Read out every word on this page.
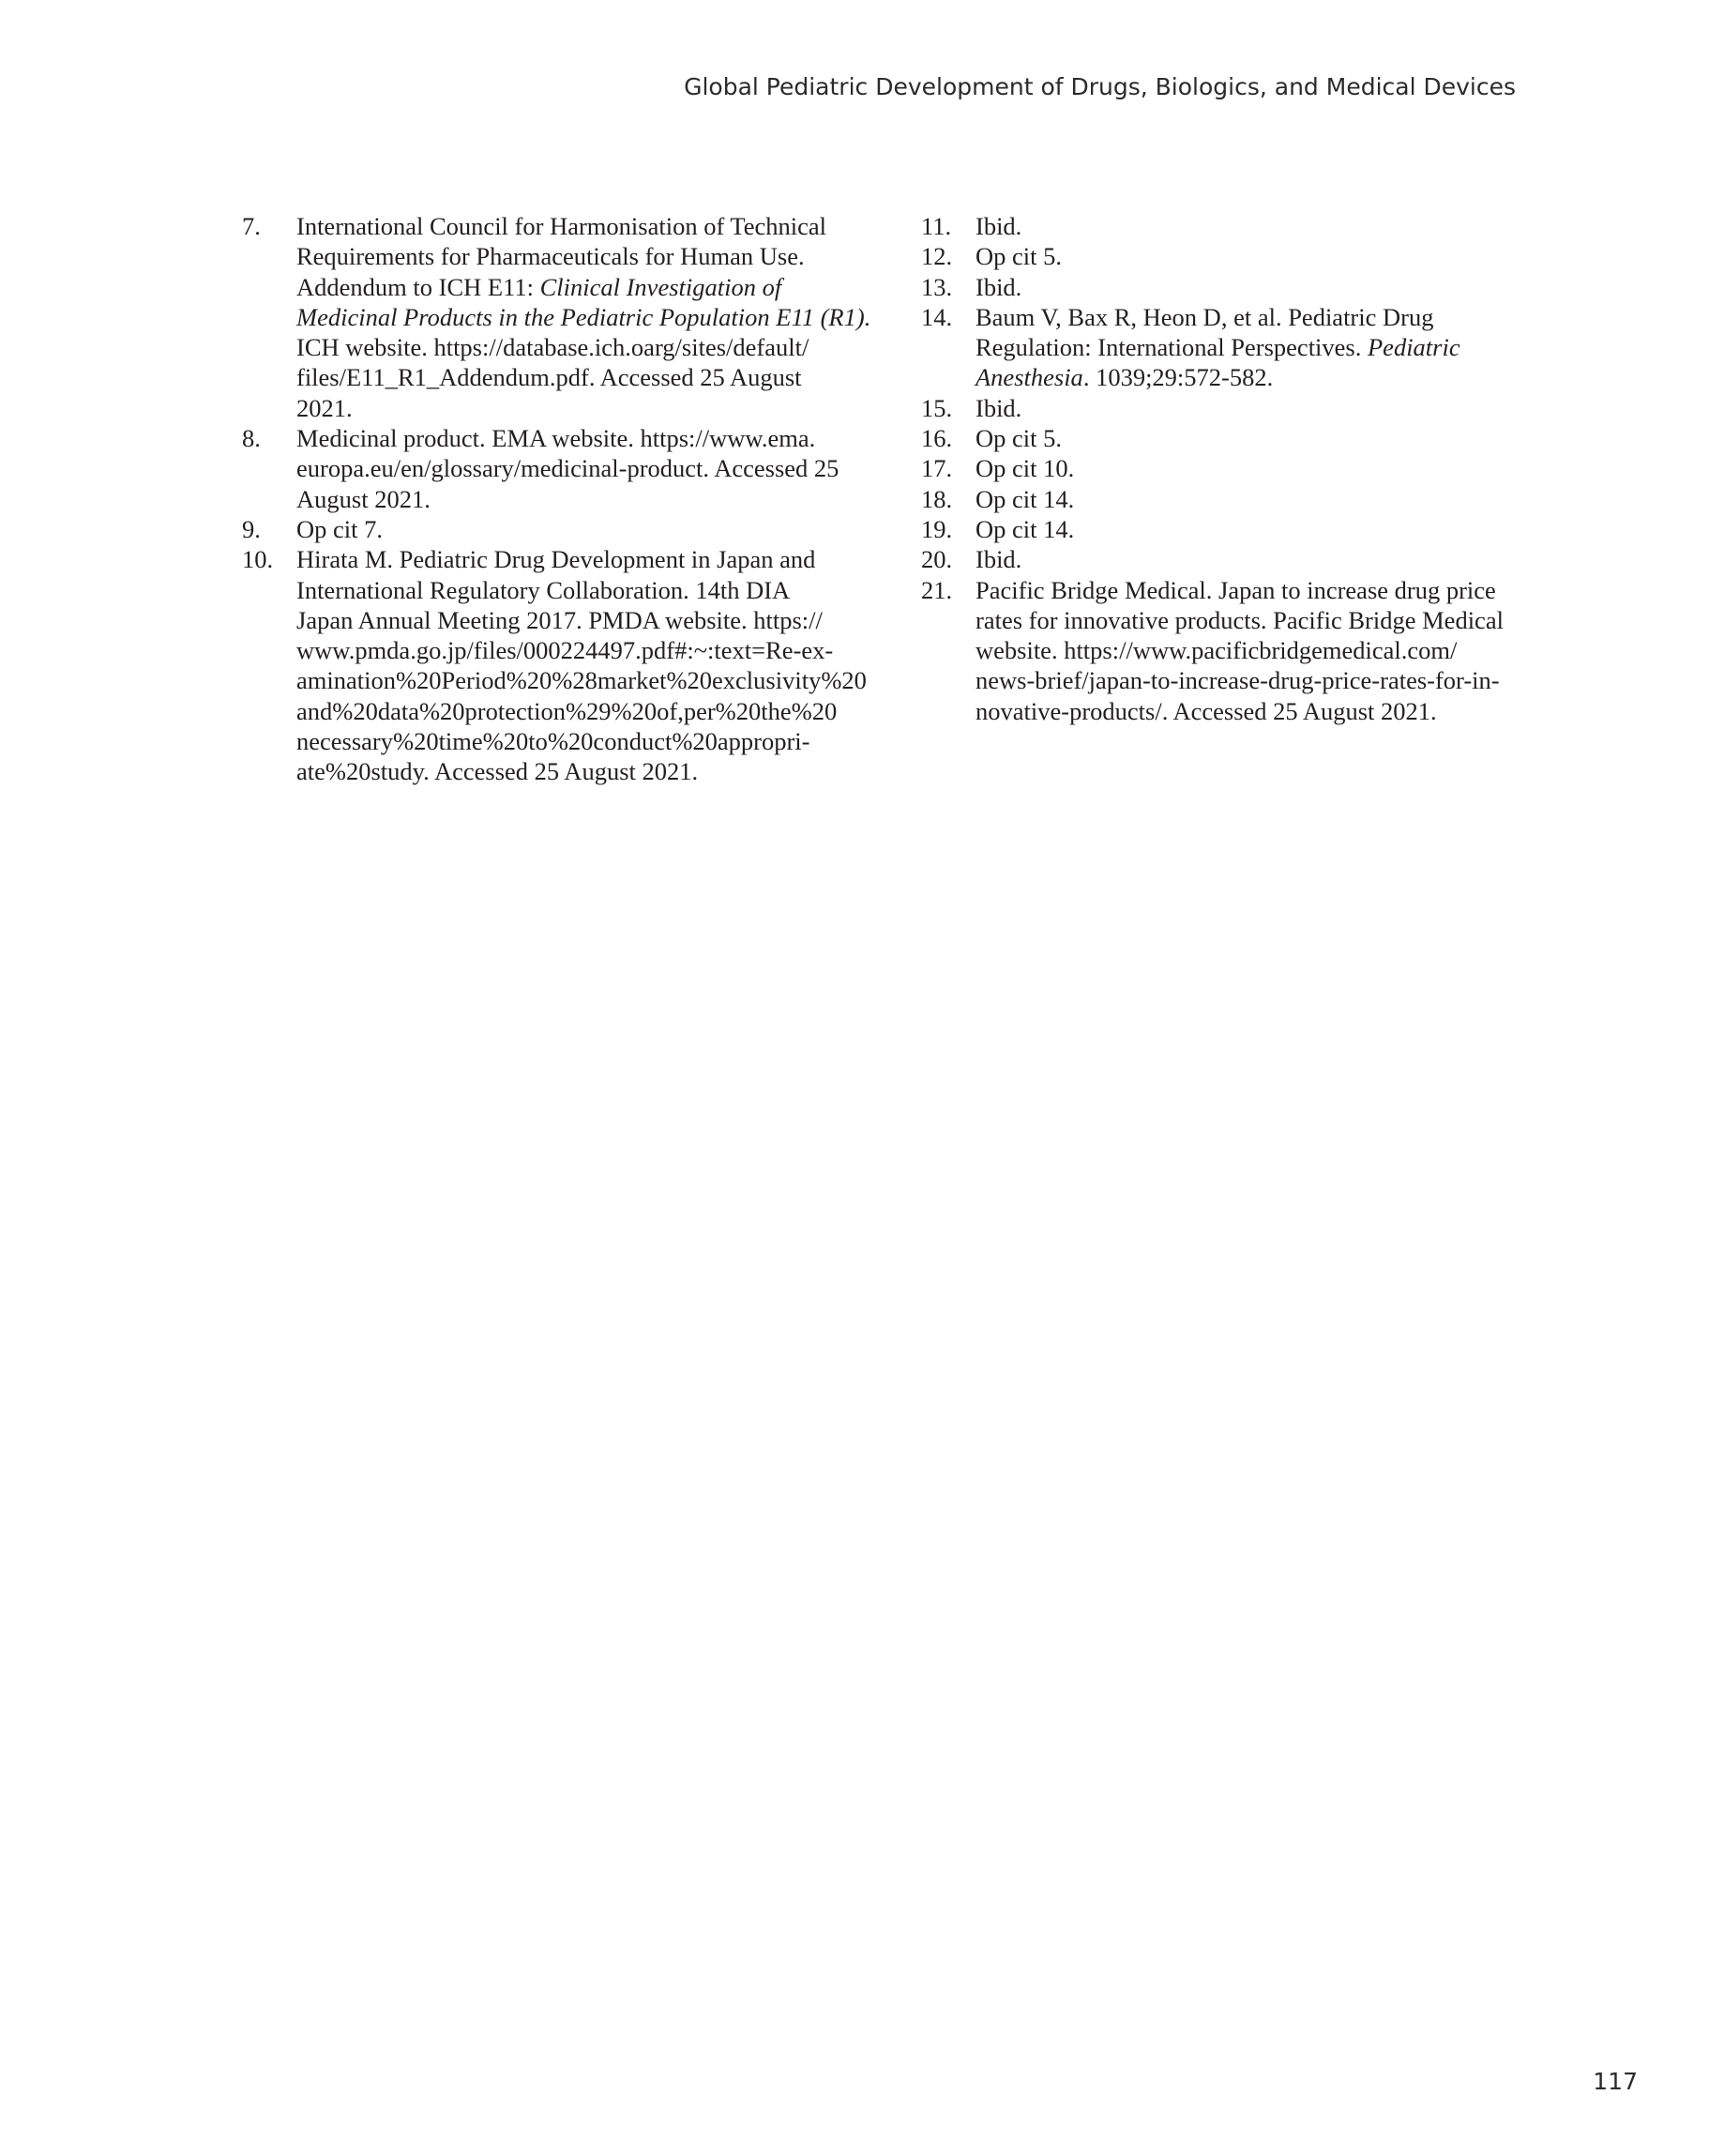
Global Pediatric Development of Drugs, Biologics, and Medical Devices
7.	International Council for Harmonisation of Technical
Requirements for Pharmaceuticals for Human Use.
Addendum to ICH E11: Clinical Investigation of
Medicinal Products in the Pediatric Population E11 (R1).
ICH website. https://database.ich.oarg/sites/default/
files/E11_R1_Addendum.pdf. Accessed 25 August
2021.
8.	Medicinal product. EMA website. https://www.ema.
europa.eu/en/glossary/medicinal-product. Accessed 25
August 2021.
9.	Op cit 7.
10. Hirata M. Pediatric Drug Development in Japan and
International Regulatory Collaboration. 14th DIA
Japan Annual Meeting 2017. PMDA website. https://
www.pmda.go.jp/files/000224497.pdf#:~:text=Re-ex-
amination%20Period%20%28market%20exclusivity%20
and%20data%20protection%29%20of,per%20the%20
necessary%20time%20to%20conduct%20appropri-
ate%20study. Accessed 25 August 2021.
11. Ibid.
12. Op cit 5.
13. Ibid.
14. Baum V, Bax R, Heon D, et al. Pediatric Drug
Regulation: International Perspectives. Pediatric
Anesthesia. 1039;29:572-582.
15. Ibid.
16. Op cit 5.
17. Op cit 10.
18. Op cit 14.
19. Op cit 14.
20. Ibid.
21. Pacific Bridge Medical. Japan to increase drug price
rates for innovative products. Pacific Bridge Medical
website. https://www.pacificbridgemedical.com/
news-brief/japan-to-increase-drug-price-rates-for-in-
novative-products/. Accessed 25 August 2021.
117
